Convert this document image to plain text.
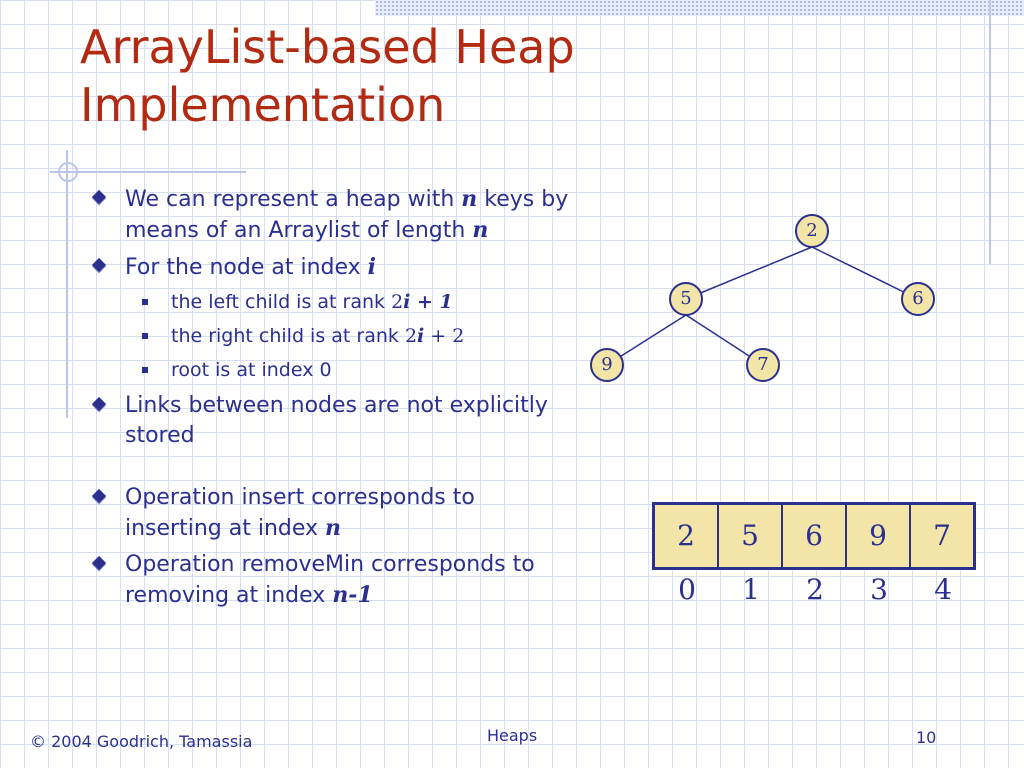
ArrayList-based Heap
Implementation
We can represent a heap with n keys by means of an Arraylist of length n
For the node at index i
the left child is at rank 2i + 1
the right child is at rank 2i + 2
root is at index 0
Links between nodes are not explicitly stored
Operation insert corresponds to inserting at index n
Operation removeMin corresponds to removing at index n-1
2
5	6
9	7
2	5	6	9	7
0	1	2	3	4
© 2004 Goodrich, Tamassia	Heaps	10
